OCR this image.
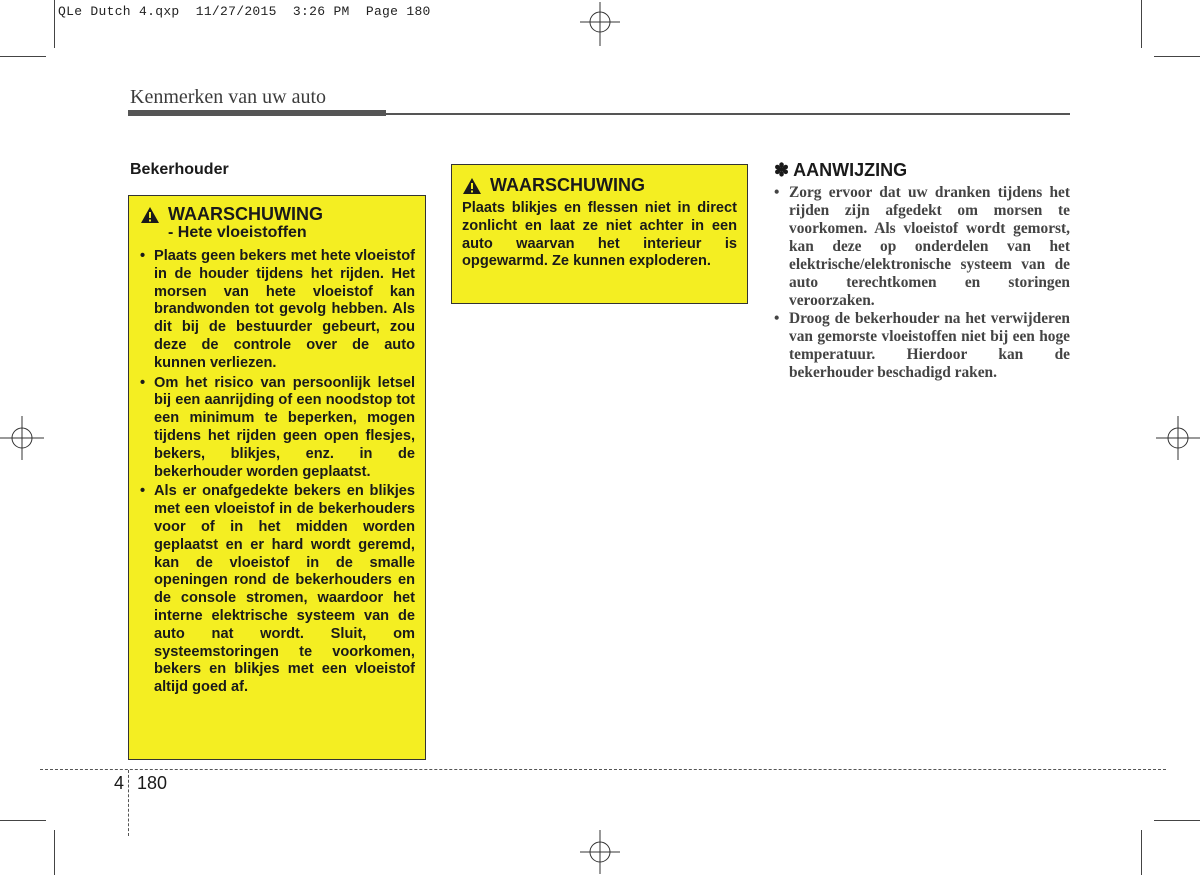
QLe Dutch 4.qxp  11/27/2015  3:26 PM  Page 180
Kenmerken van uw auto
Bekerhouder
WAARSCHUWING
- Hete vloeistoffen
• Plaats geen bekers met hete vloeistof in de houder tijdens het rijden. Het morsen van hete vloeistof kan brandwonden tot gevolg hebben. Als dit bij de bestuurder gebeurt, zou deze de controle over de auto kunnen verliezen.
• Om het risico van persoonlijk letsel bij een aanrijding of een noodstop tot een minimum te beperken, mogen tijdens het rijden geen open flesjes, bekers, blikjes, enz. in de bekerhouder worden geplaatst.
• Als er onafgedekte bekers en blikjes met een vloeistof in de bekerhouders voor of in het midden worden geplaatst en er hard wordt geremd, kan de vloeistof in de smalle openingen rond de bekerhouders en de console stromen, waardoor het interne elektrische systeem van de auto nat wordt. Sluit, om systeemstoringen te voorkomen, bekers en blikjes met een vloeistof altijd goed af.
WAARSCHUWING
Plaats blikjes en flessen niet in direct zonlicht en laat ze niet achter in een auto waarvan het interieur is opgewarmd. Ze kunnen exploderen.
✽ AANWIJZING
• Zorg ervoor dat uw dranken tijdens het rijden zijn afgedekt om morsen te voorkomen. Als vloeistof wordt gemorst, kan deze op onderdelen van het elektrische/elektronische systeem van de auto terechtkomen en storingen veroorzaken.
• Droog de bekerhouder na het verwijderen van gemorste vloeistoffen niet bij een hoge temperatuur. Hierdoor kan de bekerhouder beschadigd raken.
4 180
